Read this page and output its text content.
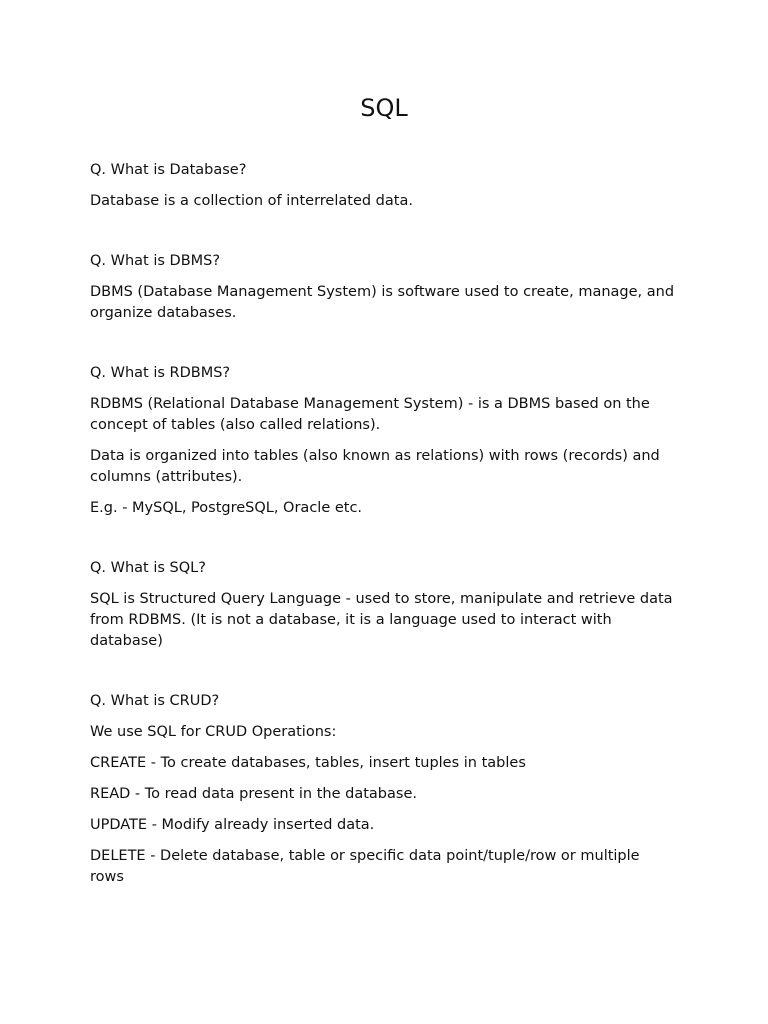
SQL

Q. What is Database?

Database is a collection of interrelated data.

Q. What is DBMS?

DBMS (Database Management System) is software used to create, manage, and organize databases.

Q. What is RDBMS?

RDBMS (Relational Database Management System) - is a DBMS based on the concept of tables (also called relations).

Data is organized into tables (also known as relations) with rows (records) and columns (attributes).

E.g. - MySQL, PostgreSQL, Oracle etc.

Q. What is SQL?

SQL is Structured Query Language - used to store, manipulate and retrieve data from RDBMS. (It is not a database, it is a language used to interact with database)

Q. What is CRUD?

We use SQL for CRUD Operations:

CREATE - To create databases, tables, insert tuples in tables

READ - To read data present in the database.

UPDATE - Modify already inserted data.

DELETE - Delete database, table or specific data point/tuple/row or multiple rows
